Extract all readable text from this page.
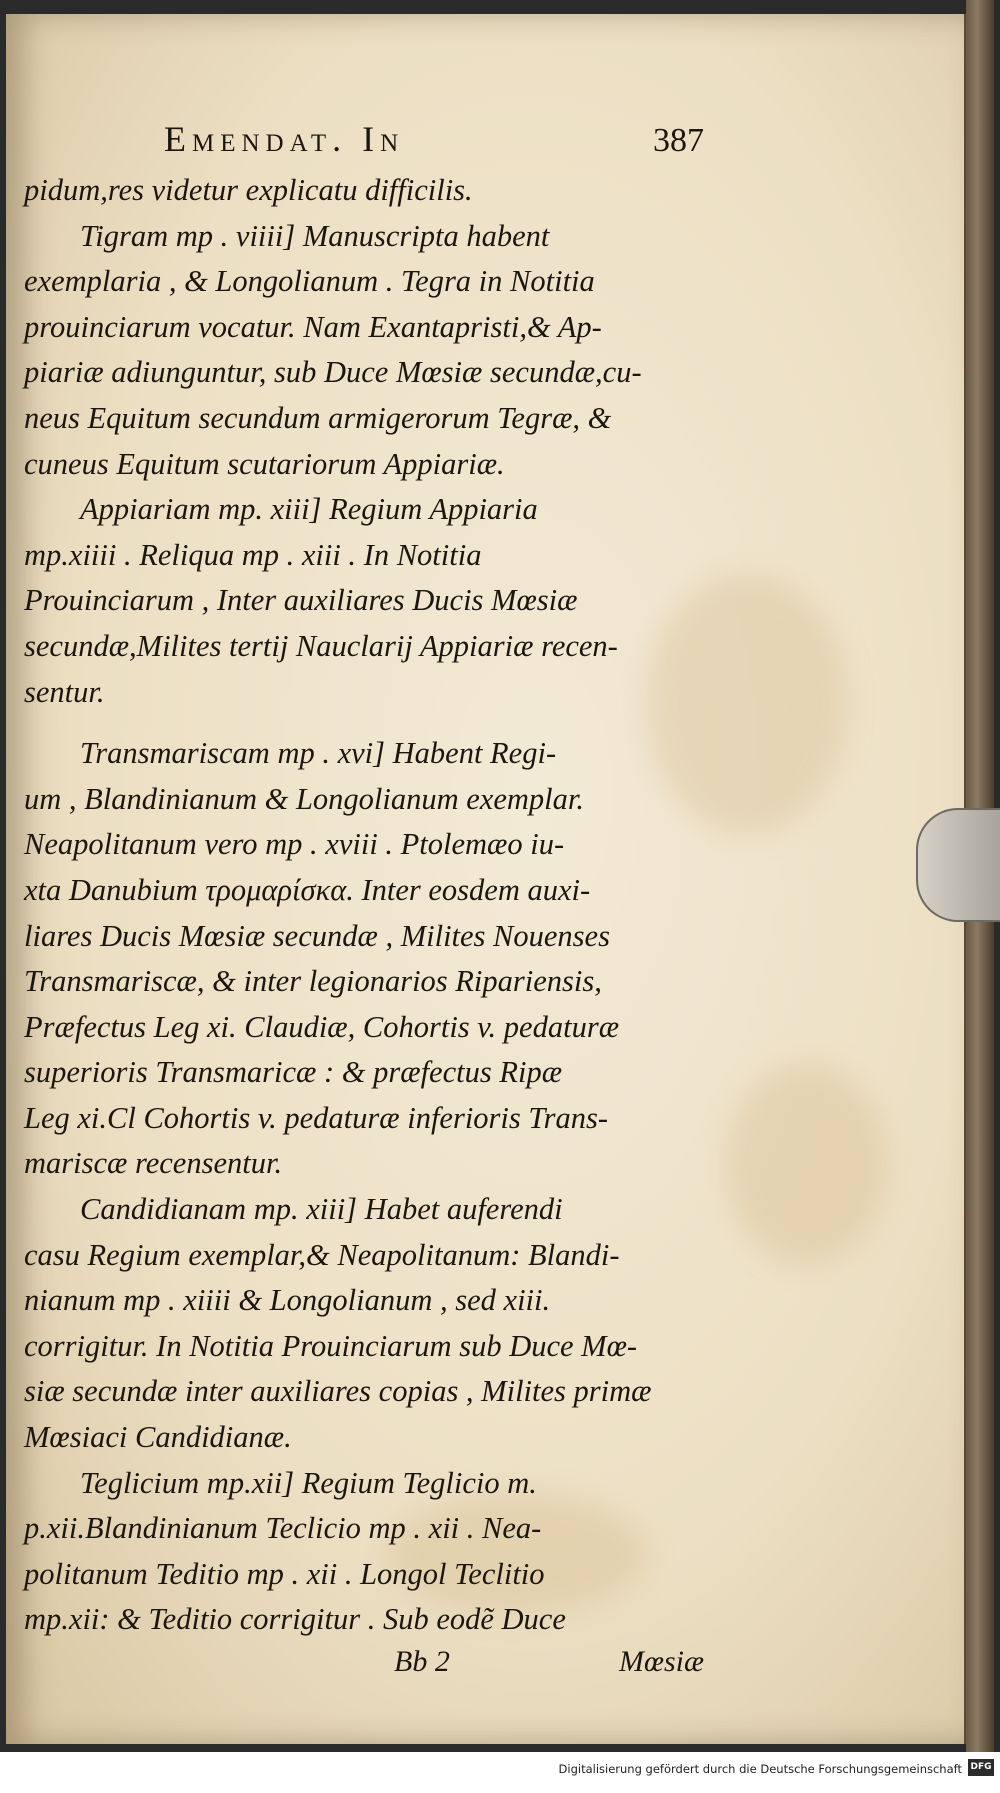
Emendat. In	387
pidum,res videtur explicatu difficilis.
Tigram mp . viiii] Manuscripta habent
exemplaria , & Longolianum . Tegra in Notitia
prouinciarum vocatur. Nam Exantapristi,& Ap-
piariæ adiunguntur, sub Duce Mœsiæ secundæ,cu-
neus Equitum secundum armigerorum Tegræ, &
cuneus Equitum scutariorum Appiariæ.
Appiariam mp. xiii] Regium Appiaria
mp.xiiii . Reliqua mp . xiii . In Notitia
Prouinciarum , Inter auxiliares Ducis Mœsiæ
secundæ,Milites tertij Nauclarij Appiariæ recen-
sentur.
Transmariscam mp . xvi] Habent Regi-
um , Blandinianum & Longolianum exemplar.
Neapolitanum vero mp . xviii . Ptolemæo iu-
xta Danubium τρομαρίσκα. Inter eosdem auxi-
liares Ducis Mœsiæ secundæ , Milites Nouenses
Transmariscæ, & inter legionarios Ripariensis,
Præfectus Leg xi. Claudiæ, Cohortis v. pedaturæ
superioris Transmaricæ : & præfectus Ripæ
Leg xi.Cl Cohortis v. pedaturæ inferioris Trans-
mariscæ recensentur.
Candidianam mp. xiii] Habet auferendi
casu Regium exemplar,& Neapolitanum: Blandi-
nianum mp . xiiii & Longolianum , sed xiii.
corrigitur. In Notitia Prouinciarum sub Duce Mœ-
siæ secundæ inter auxiliares copias , Milites primæ
Mœsiaci Candidianæ.
Teglicium mp.xii] Regium Teglicio m.
p.xii.Blandinianum Teclicio mp . xii . Nea-
politanum Teditio mp . xii . Longol Teclitio
mp.xii: & Teditio corrigitur . Sub eodẽ Duce
Bb 2	Mœsiæ
Digitalisierung gefördert durch die Deutsche Forschungsgemeinschaft DFG
